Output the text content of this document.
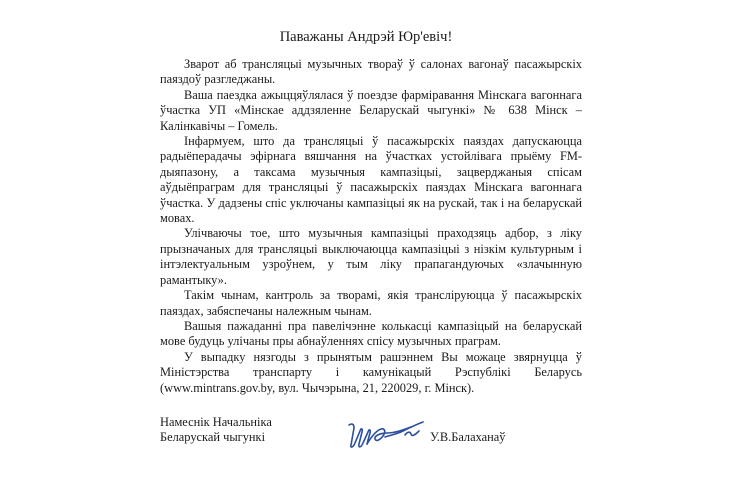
Паважаны Андрэй Юр'евіч!

Зварот аб трансляцыі музычных твораў ў салонах вагонаў пасажырскіх паяздоў разгледжаны.

Ваша паездка ажыццяўлялася ў поездзе фарміравання Мінскага вагоннага ўчастка УП «Мінскае аддзяленне Беларускай чыгункі» № 638 Мінск – Калінкавічы – Гомель.

Інфармуем, што да трансляцыі ў пасажырскіх паяздах дапускаюцца радыёперадачы эфірнага вяшчання на ўчастках устойлівага прыёму FM-дыяпазону, а таксама музычныя кампазіцыі, зацверджаныя спісам аўдыёпраграм для трансляцыі ў пасажырскіх паяздах Мінскага вагоннага ўчастка. У дадзены спіс уключаны кампазіцыі як на рускай, так і на беларускай мовах.

Улічваючы тое, што музычныя кампазіцыі праходзяць адбор, з ліку прызначаных для трансляцыі выключаюцца кампазіцыі з нізкім культурным і інтэлектуальным узроўнем, у тым ліку прапагандуючых «злачынную рамантыку».

Такім чынам, кантроль за творамі, якія трансліруюцца ў пасажырскіх паяздах, забяспечаны належным чынам.

Вашыя пажаданні пра павелічэнне колькасці кампазіцый на беларускай мове будуць улічаны пры абнаўленнях спісу музычных праграм.

У выпадку нязгоды з прынятым рашэннем Вы можаце звярнуцца ў Міністэрства транспарту і камунікацый Рэспублікі Беларусь (www.mintrans.gov.by, вул. Чычэрына, 21, 220029, г. Мінск).

Намеснік Начальніка
Беларускай чыгункі	У.В.Балаханаў
